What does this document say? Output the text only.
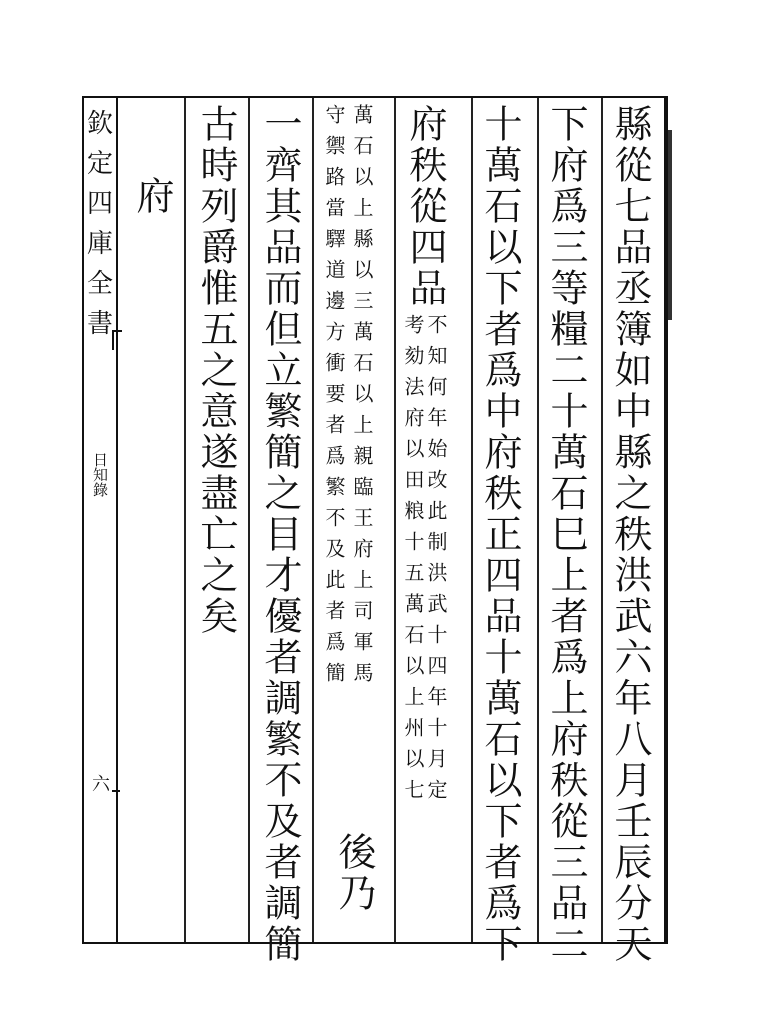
欽
定
四
庫
全
書
日知錄
六	縣從七品丞簿如中縣之秩洪武六年八月壬辰分天
下府爲三等糧二十萬石巳上者爲上府秩從三品二
十萬石以下者爲中府秩正四品十萬石以下者爲下
府秩從四品
不知何年始改此制洪武十四年十月定
考劾法府以田粮十五萬石以上州以七
萬石以上縣以三萬石以上親臨王府上司軍馬
守禦路當驛道邊方衝要者爲繁不及此者爲簡
後乃
一齊其品而但立繁簡之目才優者調繁不及者調簡
古時列爵惟五之意遂盡亡之矣
府
